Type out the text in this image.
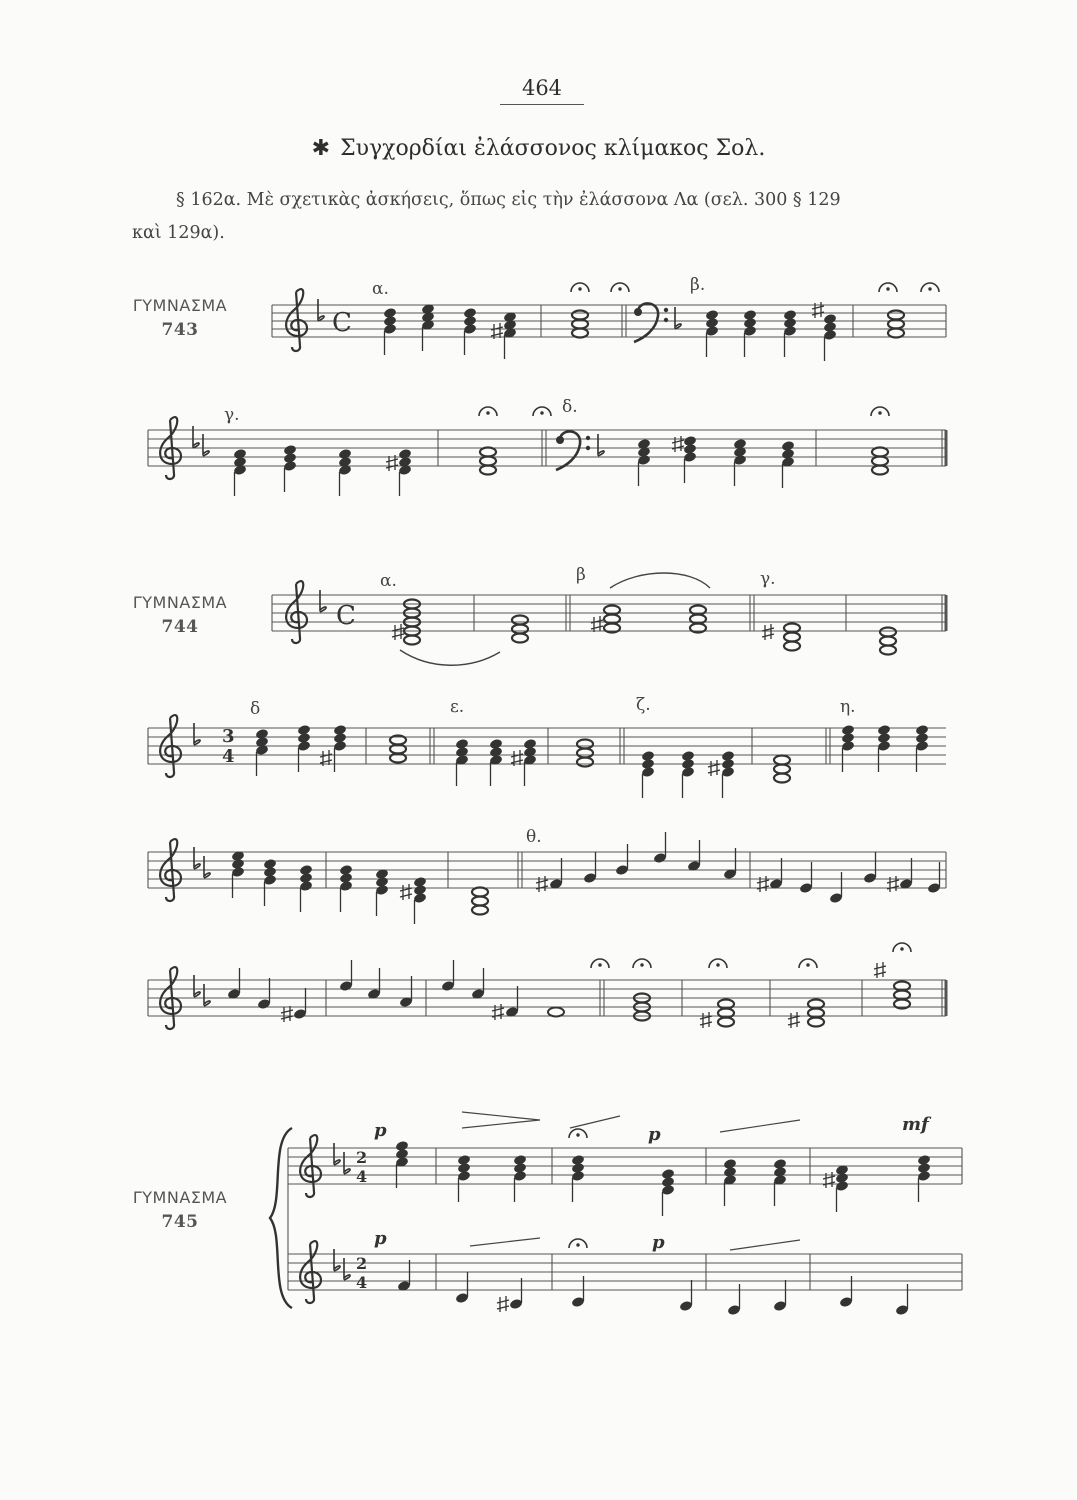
464
✱ Συγχορδίαι ἐλάσσονος κλίμακος Σολ.
§ 162α. Μὲ σχετικὰς ἀσκήσεις, ὅπως εἰς τὴν ἐλάσσονα Λα (σελ. 300 § 129
καὶ 129α).
ΓΥΜΝΑΣΜΑ
743
ΓΥΜΝΑΣΜΑ
744
ΓΥΜΝΑΣΜΑ
745
C
α.	β.
γ.	δ.
C
α.	β	γ.
3
4
δ	ε.	ζ.	η.
θ.
2
4
p	p	mf
2
4
p	p
